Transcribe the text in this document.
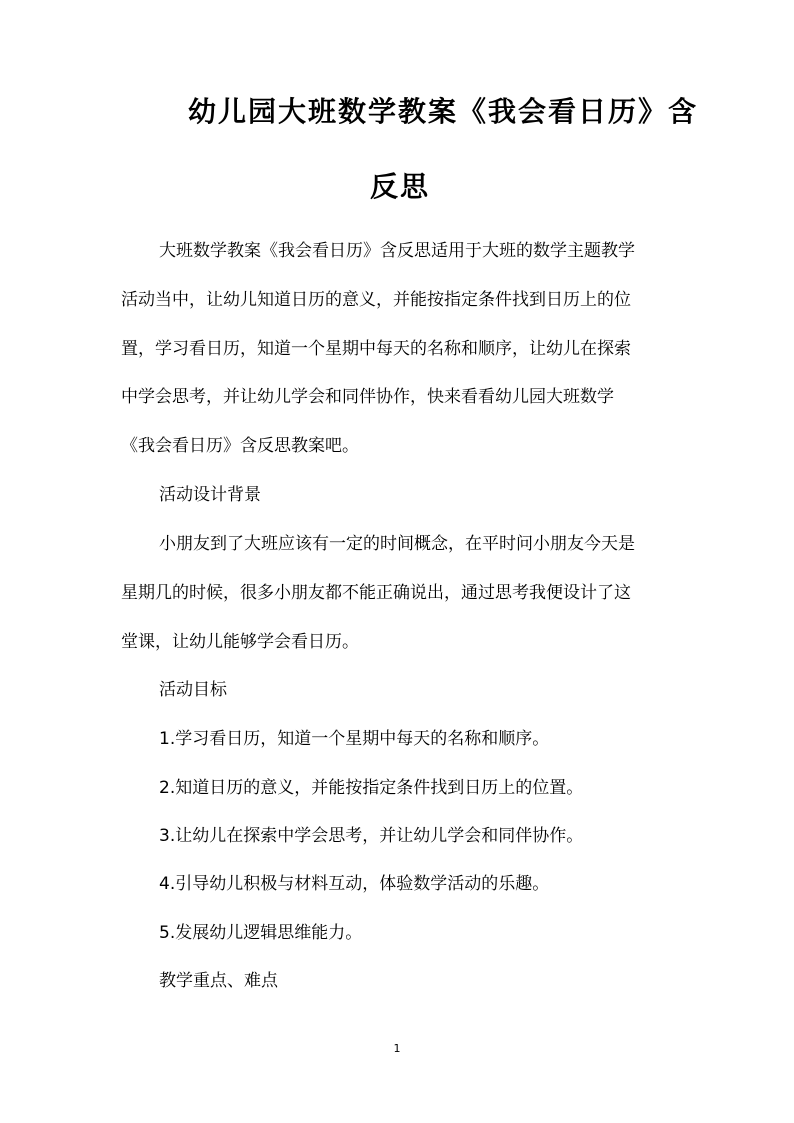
幼儿园大班数学教案《我会看日历》含
反思
大班数学教案《我会看日历》含反思适用于大班的数学主题教学
活动当中，让幼儿知道日历的意义，并能按指定条件找到日历上的位
置，学习看日历，知道一个星期中每天的名称和顺序，让幼儿在探索
中学会思考，并让幼儿学会和同伴协作，快来看看幼儿园大班数学
《我会看日历》含反思教案吧。
活动设计背景
小朋友到了大班应该有一定的时间概念，在平时问小朋友今天是
星期几的时候，很多小朋友都不能正确说出，通过思考我便设计了这
堂课，让幼儿能够学会看日历。
活动目标
1.学习看日历，知道一个星期中每天的名称和顺序。
2.知道日历的意义，并能按指定条件找到日历上的位置。
3.让幼儿在探索中学会思考，并让幼儿学会和同伴协作。
4.引导幼儿积极与材料互动，体验数学活动的乐趣。
5.发展幼儿逻辑思维能力。
教学重点、难点
1
